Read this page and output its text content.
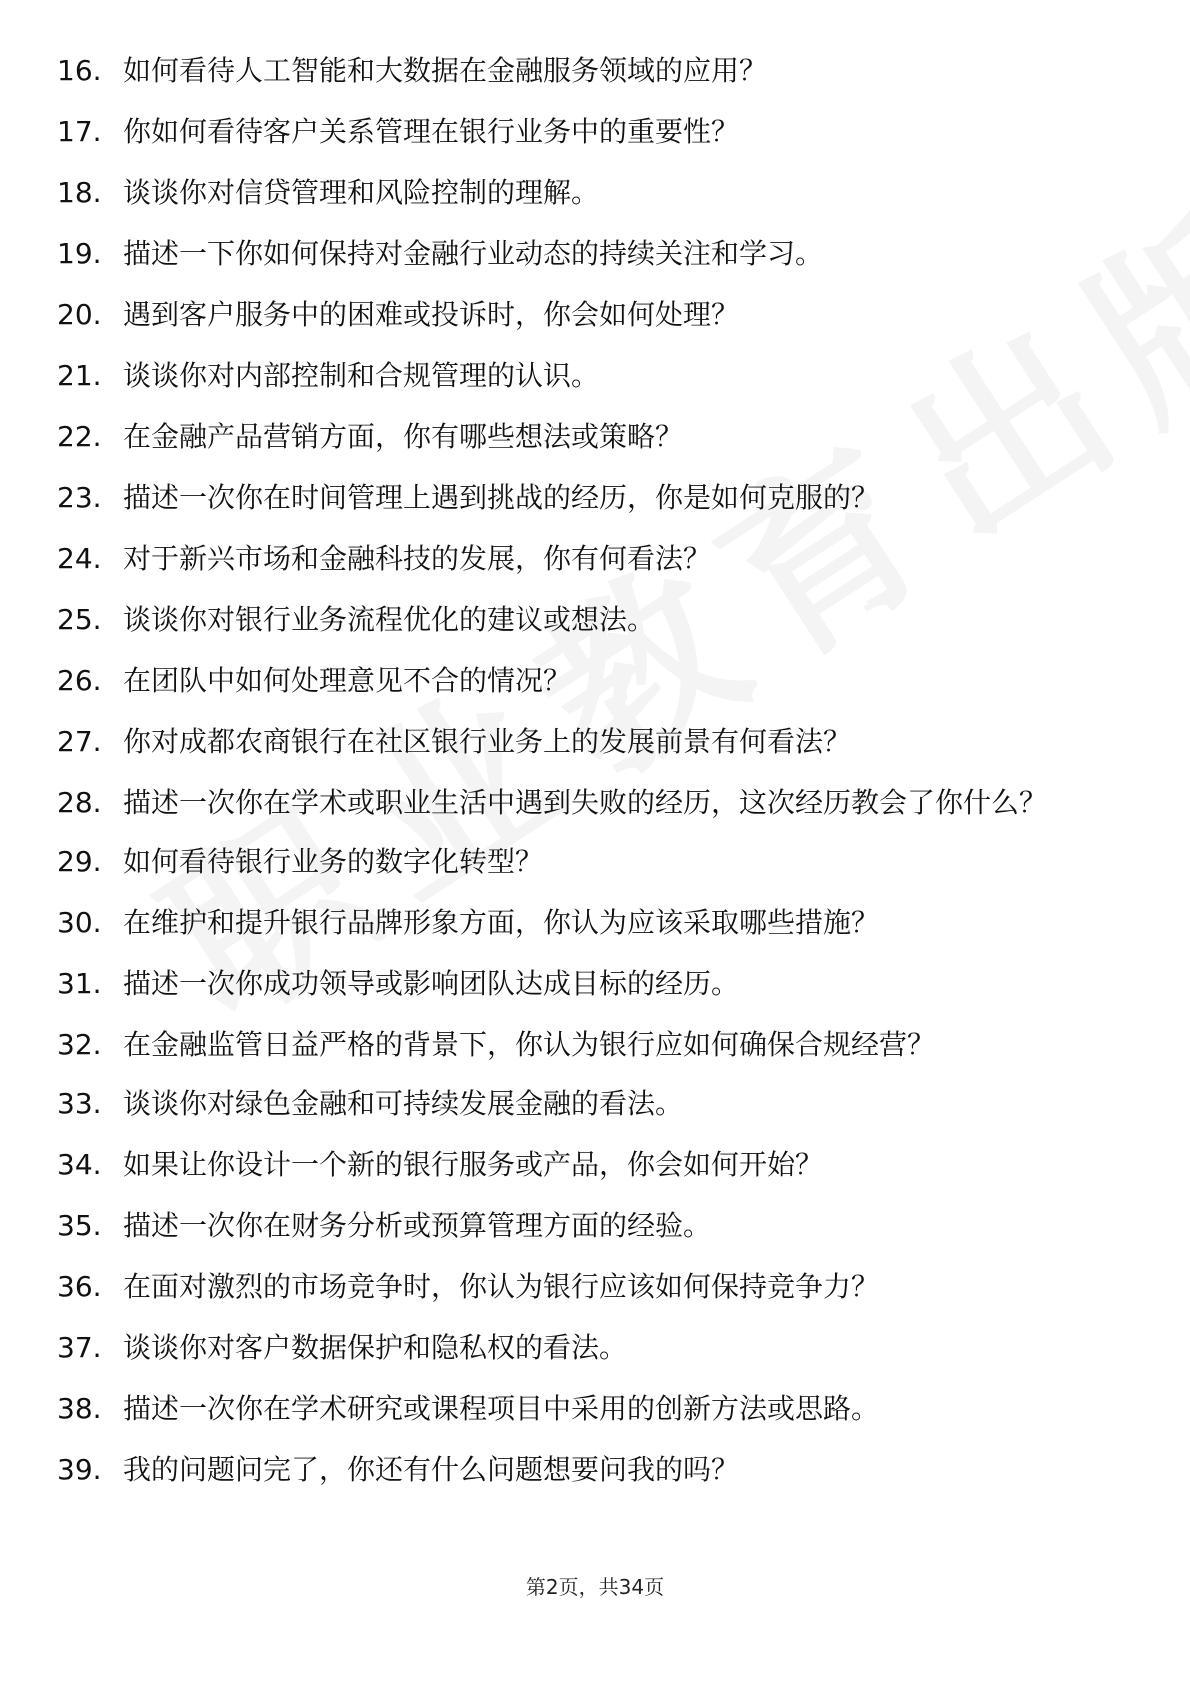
16. 如何看待人工智能和大数据在金融服务领域的应用？
17. 你如何看待客户关系管理在银行业务中的重要性？
18. 谈谈你对信贷管理和风险控制的理解。
19. 描述一下你如何保持对金融行业动态的持续关注和学习。
20. 遇到客户服务中的困难或投诉时，你会如何处理？
21. 谈谈你对内部控制和合规管理的认识。
22. 在金融产品营销方面，你有哪些想法或策略？
23. 描述一次你在时间管理上遇到挑战的经历，你是如何克服的？
24. 对于新兴市场和金融科技的发展，你有何看法？
25. 谈谈你对银行业务流程优化的建议或想法。
26. 在团队中如何处理意见不合的情况？
27. 你对成都农商银行在社区银行业务上的发展前景有何看法？
28. 描述一次你在学术或职业生活中遇到失败的经历，这次经历教会了你什么？
29. 如何看待银行业务的数字化转型？
30. 在维护和提升银行品牌形象方面，你认为应该采取哪些措施？
31. 描述一次你成功领导或影响团队达成目标的经历。
32. 在金融监管日益严格的背景下，你认为银行应如何确保合规经营？
33. 谈谈你对绿色金融和可持续发展金融的看法。
34. 如果让你设计一个新的银行服务或产品，你会如何开始？
35. 描述一次你在财务分析或预算管理方面的经验。
36. 在面对激烈的市场竞争时，你认为银行应该如何保持竞争力？
37. 谈谈你对客户数据保护和隐私权的看法。
38. 描述一次你在学术研究或课程项目中采用的创新方法或思路。
39. 我的问题问完了，你还有什么问题想要问我的吗？
第2页，共34页
